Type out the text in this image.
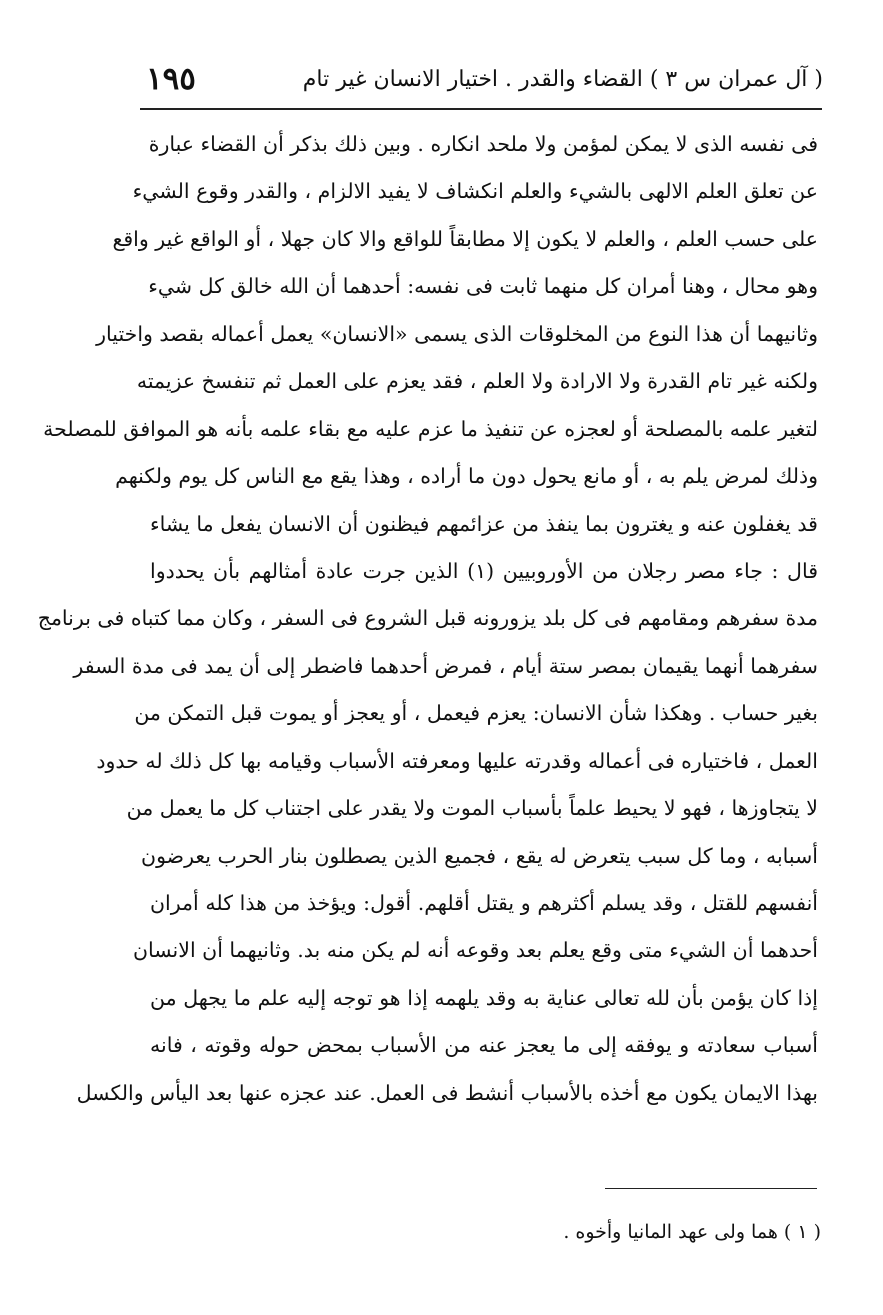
( آل عمران س ٣ ) القضاء والقدر . اختيار الانسان غير تام
١٩٥
فى نفسه الذى لا يمكن لمؤمن ولا ملحد انكاره . وبين ذلك بذكر أن القضاء عبارة
عن تعلق العلم الالهى بالشيء والعلم انكشاف لا يفيد الالزام ، والقدر وقوع الشيء
على حسب العلم ، والعلم لا يكون إلا مطابقاً للواقع والا كان جهلا ، أو الواقع غير واقع
وهو محال ، وهنا أمران كل منهما ثابت فى نفسه: أحدهما أن الله خالق كل شيء
وثانيهما أن هذا النوع من المخلوقات الذى يسمى «الانسان» يعمل أعماله بقصد واختيار
ولكنه غير تام القدرة ولا الارادة ولا العلم ، فقد يعزم على العمل ثم تنفسخ عزيمته
لتغير علمه بالمصلحة أو لعجزه عن تنفيذ ما عزم عليه مع بقاء علمه بأنه هو الموافق للمصلحة
وذلك لمرض يلم به ، أو مانع يحول دون ما أراده ، وهذا يقع مع الناس كل يوم ولكنهم
قد يغفلون عنه و يغترون بما ينفذ من عزائمهم فيظنون أن الانسان يفعل ما يشاء
قال : جاء مصر رجلان من الأوروبيين (١) الذين جرت عادة أمثالهم بأن يحددوا
مدة سفرهم ومقامهم فى كل بلد يزورونه قبل الشروع فى السفر ، وكان مما كتباه فى برنامج
سفرهما أنهما يقيمان بمصر ستة أيام ، فمرض أحدهما فاضطر إلى أن يمد فى مدة السفر
بغير حساب . وهكذا شأن الانسان: يعزم فيعمل ، أو يعجز أو يموت قبل التمكن من
العمل ، فاختياره فى أعماله وقدرته عليها ومعرفته الأسباب وقيامه بها كل ذلك له حدود
لا يتجاوزها ، فهو لا يحيط علماً بأسباب الموت ولا يقدر على اجتناب كل ما يعمل من
أسبابه ، وما كل سبب يتعرض له يقع ، فجميع الذين يصطلون بنار الحرب يعرضون
أنفسهم للقتل ، وقد يسلم أكثرهم و يقتل أقلهم. أقول: ويؤخذ من هذا كله أمران
أحدهما أن الشيء متى وقع يعلم بعد وقوعه أنه لم يكن منه بد. وثانيهما أن الانسان
إذا كان يؤمن بأن لله تعالى عناية به وقد يلهمه إذا هو توجه إليه علم ما يجهل من
أسباب سعادته و يوفقه إلى ما يعجز عنه من الأسباب بمحض حوله وقوته ، فانه
بهذا الايمان يكون مع أخذه بالأسباب أنشط فى العمل. عند عجزه عنها بعد اليأس والكسل
( ١ ) هما ولى عهد المانيا وأخوه .
